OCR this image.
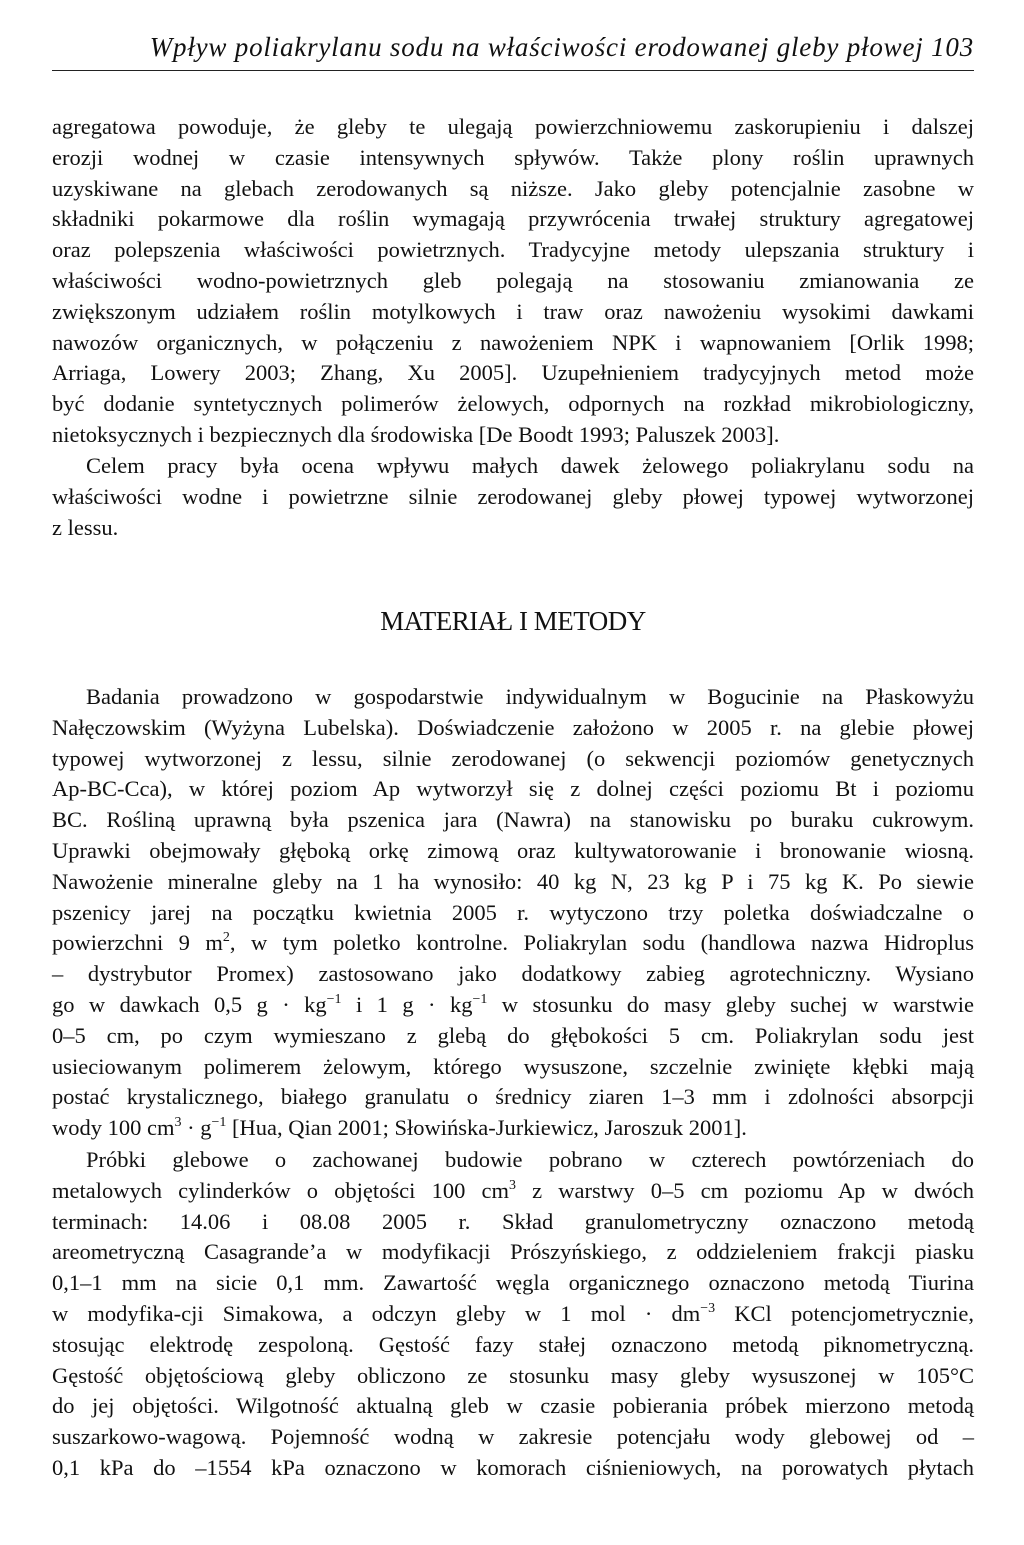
Wpływ poliakrylanu sodu na właściwości erodowanej gleby płowej 103
agregatowa powoduje, że gleby te ulegają powierzchniowemu zaskorupieniu i dalszej
erozji wodnej w czasie intensywnych spływów. Także plony roślin uprawnych
uzyskiwane na glebach zerodowanych są niższe. Jako gleby potencjalnie zasobne w
składniki pokarmowe dla roślin wymagają przywrócenia trwałej struktury agregatowej
oraz polepszenia właściwości powietrznych. Tradycyjne metody ulepszania struktury i
właściwości wodno-powietrznych gleb polegają na stosowaniu zmianowania ze
zwiększonym udziałem roślin motylkowych i traw oraz nawożeniu wysokimi dawkami
nawozów organicznych, w połączeniu z nawożeniem NPK i wapnowaniem [Orlik 1998;
Arriaga, Lowery 2003; Zhang, Xu 2005]. Uzupełnieniem tradycyjnych metod może
być dodanie syntetycznych polimerów żelowych, odpornych na rozkład mikrobiologiczny,
nietoksycznych i bezpiecznych dla środowiska [De Boodt 1993; Paluszek 2003].
Celem pracy była ocena wpływu małych dawek żelowego poliakrylanu sodu na
właściwości wodne i powietrzne silnie zerodowanej gleby płowej typowej wytworzonej
z lessu.
MATERIAŁ I METODY
Badania prowadzono w gospodarstwie indywidualnym w Bogucinie na Płaskowyżu
Nałęczowskim (Wyżyna Lubelska). Doświadczenie założono w 2005 r. na glebie płowej
typowej wytworzonej z lessu, silnie zerodowanej (o sekwencji poziomów genetycznych
Ap-BC-Cca), w której poziom Ap wytworzył się z dolnej części poziomu Bt i poziomu
BC. Rośliną uprawną była pszenica jara (Nawra) na stanowisku po buraku cukrowym.
Uprawki obejmowały głęboką orkę zimową oraz kultywatorowanie i bronowanie wiosną.
Nawożenie mineralne gleby na 1 ha wynosiło: 40 kg N, 23 kg P i 75 kg K. Po siewie
pszenicy jarej na początku kwietnia 2005 r. wytyczono trzy poletka doświadczalne o
powierzchni 9 $m^2$, w tym poletko kontrolne. Poliakrylan sodu (handlowa nazwa Hidroplus
– dystrybutor Promex) zastosowano jako dodatkowy zabieg agrotechniczny. Wysiano
go w dawkach 0,5 $g \cdot kg^{-1}$ i 1 $g \cdot kg^{-1}$ w stosunku do masy gleby suchej w warstwie
0–5 cm, po czym wymieszano z glebą do głębokości 5 cm. Poliakrylan sodu jest
usieciowanym polimerem żelowym, którego wysuszone, szczelnie zwinięte kłębki mają
postać krystalicznego, białego granulatu o średnicy ziaren 1–3 mm i zdolności absorpcji
wody 100 $cm^3 \cdot g^{-1}$ [Hua, Qian 2001; Słowińska-Jurkiewicz, Jaroszuk 2001].
Próbki glebowe o zachowanej budowie pobrano w czterech powtórzeniach do
metalowych cylinderków o objętości 100 $cm^3$ z warstwy 0–5 cm poziomu Ap w dwóch
terminach: 14.06 i 08.08 2005 r. Skład granulometryczny oznaczono metodą
areometryczną Casagrande’a w modyfikacji Prószyńskiego, z oddzieleniem frakcji piasku
0,1–1 mm na sicie 0,1 mm. Zawartość węgla organicznego oznaczono metodą Tiurina
w modyfika-cji Simakowa, a odczyn gleby w 1 mol · $dm^{-3}$ KCl potencjometrycznie,
stosując elektrodę zespoloną. Gęstość fazy stałej oznaczono metodą piknometryczną.
Gęstość objętościową gleby obliczono ze stosunku masy gleby wysuszonej w 105°C
do jej objętości. Wilgotność aktualną gleb w czasie pobierania próbek mierzono metodą
suszarkowo-wagową. Pojemność wodną w zakresie potencjału wody glebowej od –
0,1 kPa do –1554 kPa oznaczono w komorach ciśnieniowych, na porowatych płytach
